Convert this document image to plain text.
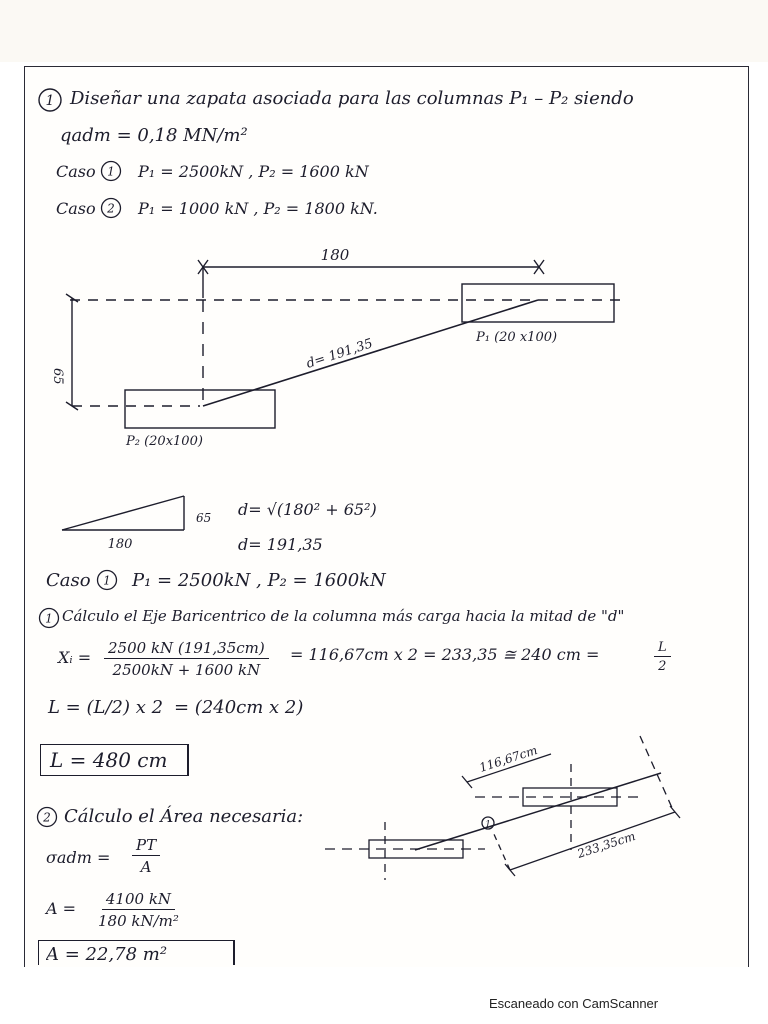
1 Diseñar una zapata asociada para las columnas P₁ – P₂ siendo
qadm = 0,18 MN/m²
Caso 1 P₁ = 2500kN , P₂ = 1600 kN
Caso 2 P₁ = 1000 kN , P₂ = 1800 kN.
180
65
d= 191,35	P₁ (20 x100)
P₂ (20x100)
180
65 d= √(180² + 65²)
d= 191,35
Caso 1 P₁ = 2500kN , P₂ = 1600kN
1 Cálculo el Eje Baricentrico de la columna más carga hacia la mitad de "d"
Xᵢ = $\frac{2500 kN (191,35cm)}{2500kN + 1600 kN} = 116,67cm$ x 2 = 233,35 ≅ 240 cm =	$\frac{L}{2}$
L = (L/2) x 2 = (240cm x 2)
L = 480 cm
2 Cálculo el Área necesaria:
$\sigma adm = \frac{PT}{A}$
$A = \frac{4100 kN}{\text{180 kN/m²}}$
A = 22,78 m²
1
116,67cm
233,35cm
Escaneado con CamScanner
